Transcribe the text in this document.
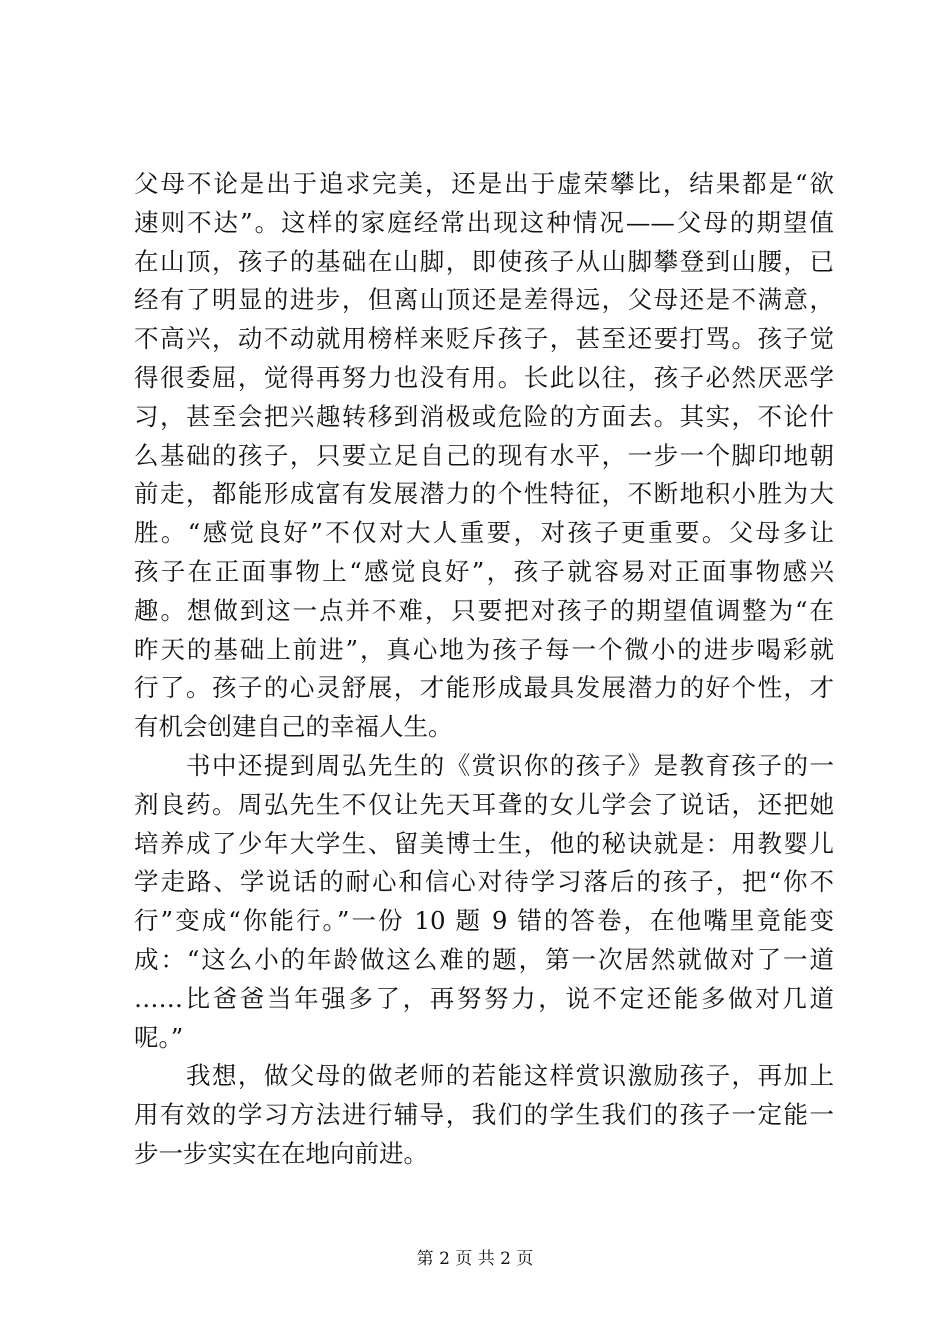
父母不论是出于追求完美，还是出于虚荣攀比，结果都是“欲
速则不达”。这样的家庭经常出现这种情况——父母的期望值
在山顶，孩子的基础在山脚，即使孩子从山脚攀登到山腰，已
经有了明显的进步，但离山顶还是差得远，父母还是不满意，
不高兴，动不动就用榜样来贬斥孩子，甚至还要打骂。孩子觉
得很委屈，觉得再努力也没有用。长此以往，孩子必然厌恶学
习，甚至会把兴趣转移到消极或危险的方面去。其实，不论什
么基础的孩子，只要立足自己的现有水平，一步一个脚印地朝
前走，都能形成富有发展潜力的个性特征，不断地积小胜为大
胜。“感觉良好”不仅对大人重要，对孩子更重要。父母多让
孩子在正面事物上“感觉良好”，孩子就容易对正面事物感兴
趣。想做到这一点并不难，只要把对孩子的期望值调整为“在
昨天的基础上前进”，真心地为孩子每一个微小的进步喝彩就
行了。孩子的心灵舒展，才能形成最具发展潜力的好个性，才
有机会创建自己的幸福人生。
　　书中还提到周弘先生的《赏识你的孩子》是教育孩子的一
剂良药。周弘先生不仅让先天耳聋的女儿学会了说话，还把她
培养成了少年大学生、留美博士生，他的秘诀就是：用教婴儿
学走路、学说话的耐心和信心对待学习落后的孩子，把“你不
行”变成“你能行。”一份 10 题 9 错的答卷，在他嘴里竟能变
成：“这么小的年龄做这么难的题，第一次居然就做对了一道
……比爸爸当年强多了，再努努力，说不定还能多做对几道
呢。”
　　我想，做父母的做老师的若能这样赏识激励孩子，再加上
用有效的学习方法进行辅导，我们的学生我们的孩子一定能一
步一步实实在在地向前进。
第 2 页 共 2 页
